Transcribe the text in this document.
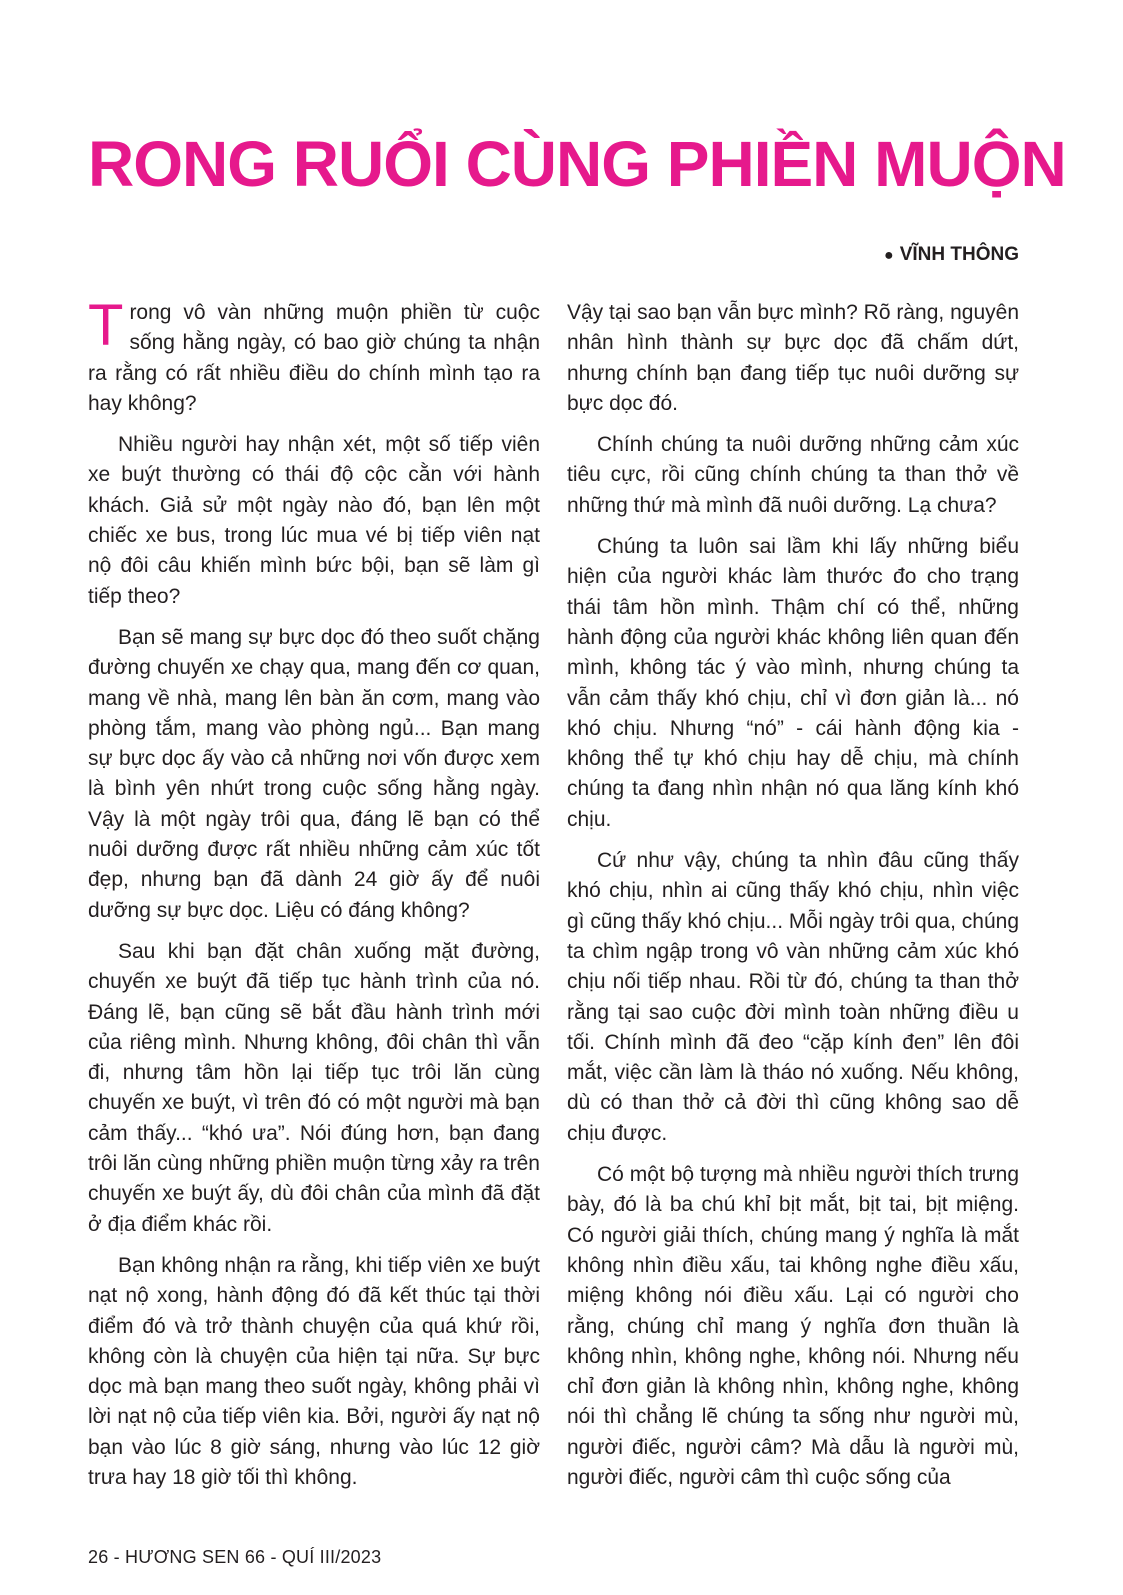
RONG RUỔI CÙNG PHIỀN MUỘN
● VĨNH THÔNG

Trong vô vàn những muộn phiền từ cuộc sống hằng ngày, có bao giờ chúng ta nhận ra rằng có rất nhiều điều do chính mình tạo ra hay không?

Nhiều người hay nhận xét, một số tiếp viên xe buýt thường có thái độ cộc cằn với hành khách. Giả sử một ngày nào đó, bạn lên một chiếc xe bus, trong lúc mua vé bị tiếp viên nạt nộ đôi câu khiến mình bức bội, bạn sẽ làm gì tiếp theo?

Bạn sẽ mang sự bực dọc đó theo suốt chặng đường chuyến xe chạy qua, mang đến cơ quan, mang về nhà, mang lên bàn ăn cơm, mang vào phòng tắm, mang vào phòng ngủ... Bạn mang sự bực dọc ấy vào cả những nơi vốn được xem là bình yên nhứt trong cuộc sống hằng ngày. Vậy là một ngày trôi qua, đáng lẽ bạn có thể nuôi dưỡng được rất nhiều những cảm xúc tốt đẹp, nhưng bạn đã dành 24 giờ ấy để nuôi dưỡng sự bực dọc. Liệu có đáng không?

Sau khi bạn đặt chân xuống mặt đường, chuyến xe buýt đã tiếp tục hành trình của nó. Đáng lẽ, bạn cũng sẽ bắt đầu hành trình mới của riêng mình. Nhưng không, đôi chân thì vẫn đi, nhưng tâm hồn lại tiếp tục trôi lăn cùng chuyến xe buýt, vì trên đó có một người mà bạn cảm thấy... “khó ưa”. Nói đúng hơn, bạn đang trôi lăn cùng những phiền muộn từng xảy ra trên chuyến xe buýt ấy, dù đôi chân của mình đã đặt ở địa điểm khác rồi.

Bạn không nhận ra rằng, khi tiếp viên xe buýt nạt nộ xong, hành động đó đã kết thúc tại thời điểm đó và trở thành chuyện của quá khứ rồi, không còn là chuyện của hiện tại nữa. Sự bực dọc mà bạn mang theo suốt ngày, không phải vì lời nạt nộ của tiếp viên kia. Bởi, người ấy nạt nộ bạn vào lúc 8 giờ sáng, nhưng vào lúc 12 giờ trưa hay 18 giờ tối thì không.

Vậy tại sao bạn vẫn bực mình? Rõ ràng, nguyên nhân hình thành sự bực dọc đã chấm dứt, nhưng chính bạn đang tiếp tục nuôi dưỡng sự bực dọc đó.

Chính chúng ta nuôi dưỡng những cảm xúc tiêu cực, rồi cũng chính chúng ta than thở về những thứ mà mình đã nuôi dưỡng. Lạ chưa?

Chúng ta luôn sai lầm khi lấy những biểu hiện của người khác làm thước đo cho trạng thái tâm hồn mình. Thậm chí có thể, những hành động của người khác không liên quan đến mình, không tác ý vào mình, nhưng chúng ta vẫn cảm thấy khó chịu, chỉ vì đơn giản là... nó khó chịu. Nhưng “nó” - cái hành động kia - không thể tự khó chịu hay dễ chịu, mà chính chúng ta đang nhìn nhận nó qua lăng kính khó chịu.

Cứ như vậy, chúng ta nhìn đâu cũng thấy khó chịu, nhìn ai cũng thấy khó chịu, nhìn việc gì cũng thấy khó chịu... Mỗi ngày trôi qua, chúng ta chìm ngập trong vô vàn những cảm xúc khó chịu nối tiếp nhau. Rồi từ đó, chúng ta than thở rằng tại sao cuộc đời mình toàn những điều u tối. Chính mình đã đeo “cặp kính đen” lên đôi mắt, việc cần làm là tháo nó xuống. Nếu không, dù có than thở cả đời thì cũng không sao dễ chịu được.

Có một bộ tượng mà nhiều người thích trưng bày, đó là ba chú khỉ bịt mắt, bịt tai, bịt miệng. Có người giải thích, chúng mang ý nghĩa là mắt không nhìn điều xấu, tai không nghe điều xấu, miệng không nói điều xấu. Lại có người cho rằng, chúng chỉ mang ý nghĩa đơn thuần là không nhìn, không nghe, không nói. Nhưng nếu chỉ đơn giản là không nhìn, không nghe, không nói thì chẳng lẽ chúng ta sống như người mù, người điếc, người câm? Mà dẫu là người mù, người điếc, người câm thì cuộc sống của

26 - HƯƠNG SEN 66 - QUÍ III/2023
